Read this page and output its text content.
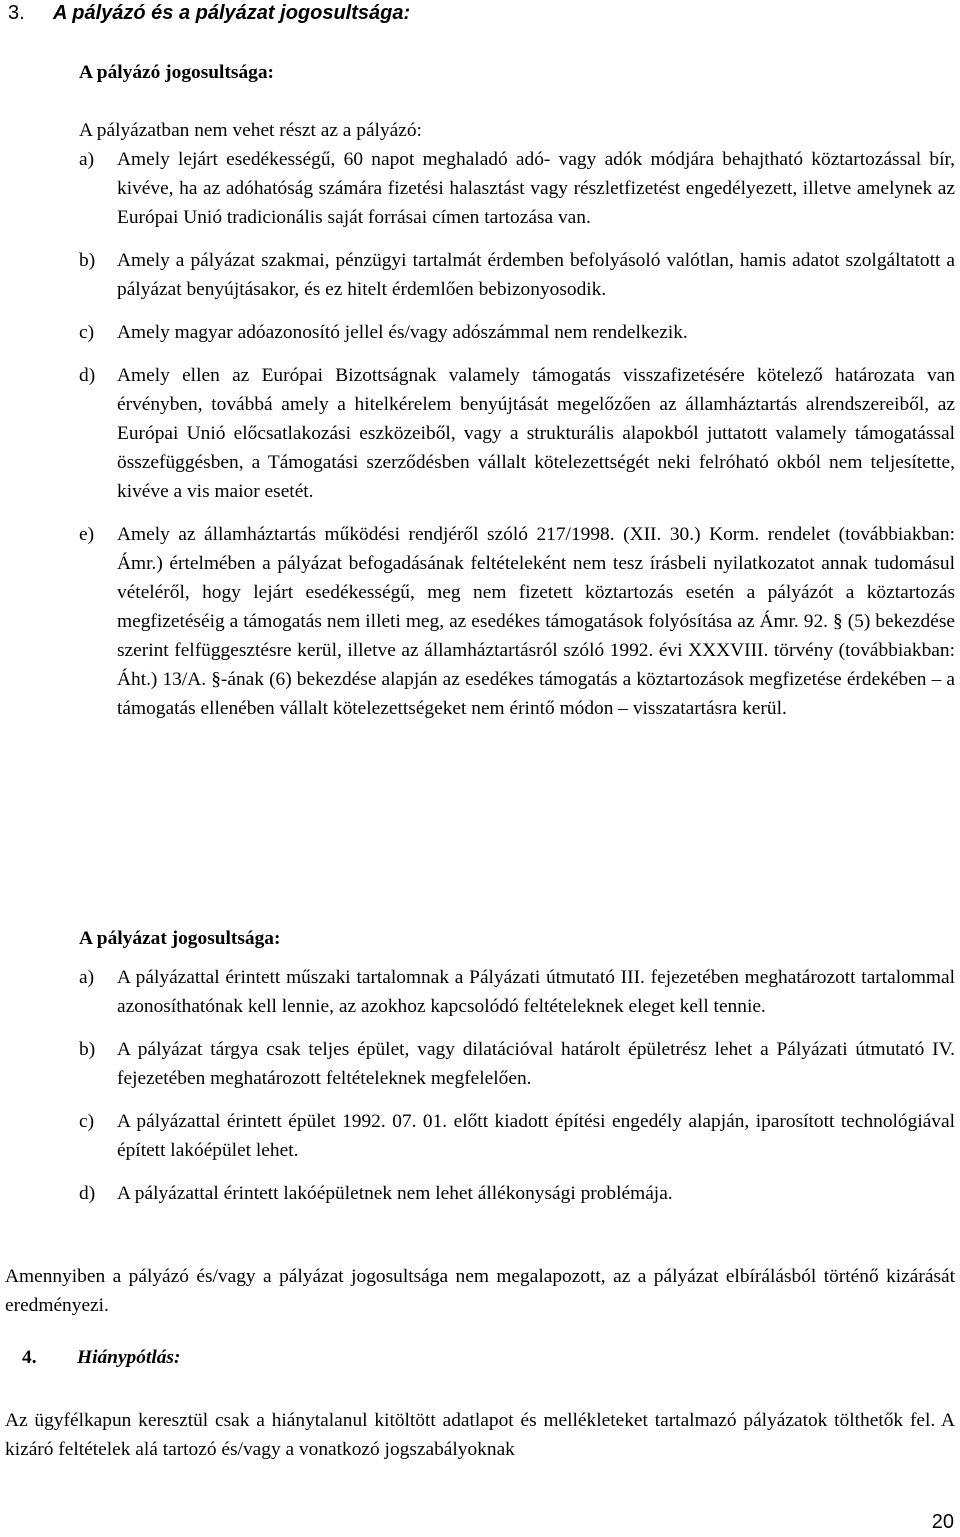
3. A pályázó és a pályázat jogosultsága:
A pályázó jogosultsága:
A pályázatban nem vehet részt az a pályázó:
a) Amely lejárt esedékességű, 60 napot meghaladó adó- vagy adók módjára behajtható köztartozással bír, kivéve, ha az adóhatóság számára fizetési halasztást vagy részletfizetést engedélyezett, illetve amelynek az Európai Unió tradicionális saját forrásai címen tartozása van.
b) Amely a pályázat szakmai, pénzügyi tartalmát érdemben befolyásoló valótlan, hamis adatot szolgáltatott a pályázat benyújtásakor, és ez hitelt érdemlően bebizonyosodik.
c) Amely magyar adóazonosító jellel és/vagy adószámmal nem rendelkezik.
d) Amely ellen az Európai Bizottságnak valamely támogatás visszafizetésére kötelező határozata van érvényben, továbbá amely a hitelkérelem benyújtását megelőzően az államháztartás alrendszereiből, az Európai Unió előcsatlakozási eszközeiből, vagy a strukturális alapokból juttatott valamely támogatással összefüggésben, a Támogatási szerződésben vállalt kötelezettségét neki felróható okból nem teljesítette, kivéve a vis maior esetét.
e) Amely az államháztartás működési rendjéről szóló 217/1998. (XII. 30.) Korm. rendelet (továbbiakban: Ámr.) értelmében a pályázat befogadásának feltételeként nem tesz írásbeli nyilatkozatot annak tudomásul vételéről, hogy lejárt esedékességű, meg nem fizetett köztartozás esetén a pályázót a köztartozás megfizetéséig a támogatás nem illeti meg, az esedékes támogatások folyósítása az Ámr. 92. § (5) bekezdése szerint felfüggesztésre kerül, illetve az államháztartásról szóló 1992. évi XXXVIII. törvény (továbbiakban: Áht.) 13/A. §-ának (6) bekezdése alapján az esedékes támogatás a köztartozások megfizetése érdekében – a támogatás ellenében vállalt kötelezettségeket nem érintő módon – visszatartásra kerül.
A pályázat jogosultsága:
a) A pályázattal érintett műszaki tartalomnak a Pályázati útmutató III. fejezetében meghatározott tartalommal azonosíthatónak kell lennie, az azokhoz kapcsolódó feltételeknek eleget kell tennie.
b) A pályázat tárgya csak teljes épület, vagy dilatációval határolt épületrész lehet a Pályázati útmutató IV. fejezetében meghatározott feltételeknek megfelelően.
c) A pályázattal érintett épület 1992. 07. 01. előtt kiadott építési engedély alapján, iparosított technológiával épített lakóépület lehet.
d) A pályázattal érintett lakóépületnek nem lehet állékonysági problémája.

Amennyiben a pályázó és/vagy a pályázat jogosultsága nem megalapozott, az a pályázat elbírálásból történő kizárását eredményezi.

4. Hiánypótlás:

Az ügyfélkapun keresztül csak a hiánytalanul kitöltött adatlapot és mellékleteket tartalmazó pályázatok tölthetők fel. A kizáró feltételek alá tartozó és/vagy a vonatkozó jogszabályoknak

20
